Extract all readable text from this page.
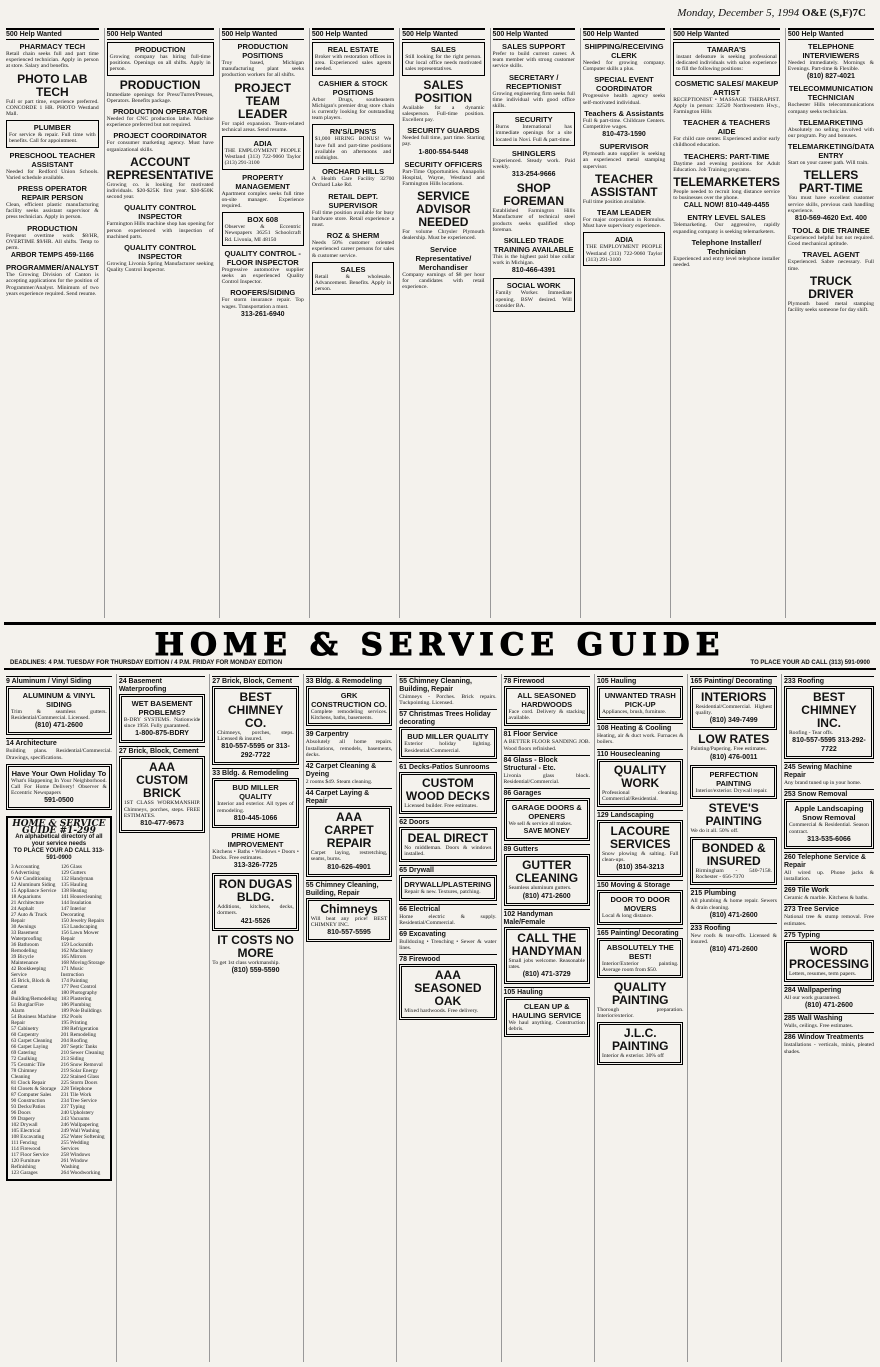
Monday, December 5, 1994 O&E (S,F)7C
500 Help Wanted
PHARMACY TECH
Retail chain seeks full and part time experienced technician. Apply in person at store. Salary and benefits.
PHOTO LAB TECH
Full or part time, experience preferred. CONCORDE 1 HR. PHOTO Westland Mall.
PLUMBER
For service & repair. Full time with benefits. Call for appointment.
PRESCHOOL TEACHER ASSISTANT
Needed for Redford Union Schools. Varied schedule available.
PRESS OPERATOR REPAIR PERSON
Clean, efficient plastic manufacturing facility seeks assistant supervisor & press technician. Apply in person.
PRODUCTION
Frequent overtime work $8/HR, OVERTIME $9/HR. All shifts. Temp to perm.
ARBOR TEMPS 459-1166
PROGRAMMER/ANALYST
The Growing Division of Canton is accepting applications for the position of Programmer/Analyst. Minimum of two years experience required. Send resume.
500 Help Wanted
PRODUCTION
Growing company has hiring full-time positions. Openings on all shifts. Apply in person.
PRODUCTION
Immediate openings for Press/Turret/Presses, Operators. Benefits package.
PRODUCTION OPERATOR
Needed for CNC production lathe. Machine experience preferred but not required.
PROJECT COORDINATOR
For consumer marketing agency. Must have organizational skills.
ACCOUNT REPRESENTATIVE
Growing co. is looking for motivated individuals. $20-$25K first year. $30-$50K second year.
QUALITY CONTROL INSPECTOR
Farmington Hills machine shop has opening for person experienced with inspection of machined parts.
QUALITY CONTROL INSPECTOR
Growing Livonia Spring Manufacturer seeking Quality Control Inspector.
500 Help Wanted
PRODUCTION POSITIONS
Troy based, Michigan manufacturing plant seeks production workers for all shifts.
PROJECT TEAM LEADER
For rapid expansion. Team-related technical areas. Send resume.
ADIA
THE EMPLOYMENT PEOPLE Westland (313) 722-9060 Taylor (313) 291-3100
PROPERTY MANAGEMENT
Apartment complex seeks full time on-site manager. Experience required.
BOX 608
Observer & Eccentric Newspapers 36251 Schoolcraft Rd. Livonia, MI 48150
QUALITY CONTROL - FLOOR INSPECTOR
Progressive automotive supplier seeks an experienced Quality Control Inspector.
ROOFERS/SIDING
For storm insurance repair. Top wages. Transportation a must.
313-261-6940
500 Help Wanted
REAL ESTATE
Broker with restoration offices in area. Experienced sales agents needed.
CASHIER & STOCK POSITIONS
Arbor Drugs, southeastern Michigan's premier drug store chain is currently looking for outstanding team players.
RN'S/LPNS'S
$1,000 HIRING BONUS! We have full and part-time positions available on afternoons and midnights.
ORCHARD HILLS
A Health Care Facility 32700 Orchard Lake Rd.
RETAIL DEPT. SUPERVISOR
Full time position available for busy hardware store. Retail experience a must.
ROZ & SHERM
Needs 50% customer oriented experienced career persons for sales & customer service.
SALES
Retail & wholesale. Advancement. Benefits. Apply in person.
500 Help Wanted
SALES
Still looking for the right person. Our local office needs motivated sales representatives.
SALES POSITION
Available for a dynamic salesperson. Full-time position. Excellent pay.
SECURITY GUARDS
Needed full time, part time. Starting pay.
1-800-554-5448
SECURITY OFFICERS
Part-Time Opportunities. Annapolis Hospital, Wayne, Westland and Farmington Hills locations.
SERVICE ADVISOR NEEDED
For volume Chrysler Plymouth dealership. Must be experienced.
Service Representative/ Merchandiser
Company earnings of $8 per hour for candidates with retail experience.
500 Help Wanted
SALES SUPPORT
Prefer to build current career. A team member with strong customer service skills.
SECRETARY / RECEPTIONIST
Growing engineering firm seeks full time individual with good office skills.
SECURITY
Burns International has immediate openings for a site located in Novi. Full & part-time.
SHINGLERS
Experienced. Steady work. Paid weekly.
313-254-9666
SHOP FOREMAN
Established Farmington Hills Manufacturer of technical steel products seeks qualified shop foreman.
SKILLED TRADE TRAINING AVAILABLE
This is the highest paid blue collar work in Michigan.
810-466-4391
SOCIAL WORK
Family Worker. Immediate opening. BSW desired. Will consider BA.
500 Help Wanted
SHIPPING/RECEIVING CLERK
Needed for growing company. Computer skills a plus.
SPECIAL EVENT COORDINATOR
Progressive health agency seeks self-motivated individual.
Teachers & Assistants
Full & part-time. Childcare Centers. Competitive wages.
810-473-1590
SUPERVISOR
Plymouth auto supplier is seeking an experienced metal stamping supervisor.
TEACHER ASSISTANT
Full time position available.
TEAM LEADER
For major corporation in Romulus. Must have supervisory experience.
ADIA
THE EMPLOYMENT PEOPLE Westland (313) 722-9060 Taylor (313) 291-3100
500 Help Wanted
TAMARA'S
instant defeature is seeking professional dedicated individuals with salon experience to fill the following positions:
COSMETIC SALES/ MAKEUP ARTIST
RECEPTIONIST • MASSAGE THERAPIST. Apply in person: 32520 Northwestern Hwy., Farmington Hills
TEACHER & TEACHERS AIDE
For child care center. Experienced and/or early childhood education.
TEACHERS: PART-TIME
Daytime and evening positions for Adult Education. Job Training programs.
TELEMARKETERS
People needed to recruit long distance service to businesses over the phone.
CALL NOW! 810-449-4455
ENTRY LEVEL SALES
Telemarketing. Our aggressive, rapidly expanding company is seeking telemarketers.
Telephone Installer/ Technician
Experienced and entry level telephone installer needed.
500 Help Wanted
TELEPHONE INTERVIEWERS
Needed immediately. Mornings & Evenings. Part-time & Flexible.
(810) 827-4021
TELECOMMUNICATION TECHNICIAN
Rochester Hills telecommunications company seeks technician.
TELEMARKETING
Absolutely no selling involved with our program. Pay and bonuses.
TELEMARKETING/DATA ENTRY
Start on your career path. Will train.
TELLERS PART-TIME
You must have excellent customer service skills, previous cash handling experience.
810-569-4620 Ext. 400
TOOL & DIE TRAINEE
Experienced helpful but not required. Good mechanical aptitude.
TRAVEL AGENT
Experienced. Sabre necessary. Full time.
TRUCK DRIVER
Plymouth based metal stamping facility seeks someone for day shift.
HOME & SERVICE GUIDE
DEADLINES: 4 P.M. TUESDAY FOR THURSDAY EDITION / 4 P.M. FRIDAY FOR MONDAY EDITION	TO PLACE YOUR AD CALL (313) 591-0900
9 Aluminum / Vinyl Siding
ALUMINUM & VINYL SIDING
Trim & seamless gutters. Residential/Commercial. Licensed.
(810) 471-2600
14 Architecture
Building plans. Residential/Commercial. Drawings, specifications.
Have Your Own Holiday To
What's Happening In Your Neighborhood. Call For Home Delivery! Observer & Eccentric Newspapers
591-0500
HOME & SERVICE GUIDE #1-299
An alphabetical directory of all your service needs
TO PLACE YOUR AD CALL 313-591-0900
3 Accounting
6 Advertising
9 Air Conditioning
12 Aluminum Siding
15 Appliance Service
18 Aquariums
21 Architecture
24 Asphalt
27 Auto & Truck Repair
30 Awnings
33 Basement Waterproofing
36 Bathroom Remodeling
39 Bicycle Maintenance
42 Bookkeeping Service
45 Brick, Block & Cement
48 Building/Remodeling
51 Burglar/Fire Alarm
54 Business Machine Repair
57 Cabinetry
60 Carpentry
63 Carpet Cleaning
66 Carpet Laying
69 Catering
72 Caulking
75 Ceramic Tile
78 Chimney Cleaning
81 Clock Repair
84 Closets & Storage
87 Computer Sales
90 Construction
93 Decks/Patios
96 Doors
99 Drapery
102 Drywall
105 Electrical
108 Excavating
111 Fencing
114 Firewood
117 Floor Service
120 Furniture Refinishing
123 Garages
126 Glass
129 Gutters
132 Handyman
135 Hauling
138 Heating
141 Housecleaning
144 Insulation
147 Interior Decorating
150 Jewelry Repairs
153 Landscaping
156 Lawn Mower Repair
159 Locksmith
162 Machinery
165 Mirrors
168 Moving/Storage
171 Music Instruction
174 Painting
177 Pest Control
180 Photography
183 Plastering
186 Plumbing
189 Pole Buildings
192 Pools
195 Printing
198 Refrigeration
201 Remodeling
204 Roofing
207 Septic Tanks
210 Sewer Cleaning
213 Siding
216 Snow Removal
219 Solar Energy
222 Stained Glass
225 Storm Doors
228 Telephone
231 Tile Work
234 Tree Service
237 Typing
240 Upholstery
243 Vacuums
246 Wallpapering
249 Wall Washing
252 Water Softening
255 Wedding Services
258 Windows
261 Window Washing
264 Woodworking
24 Basement Waterproofing
WET BASEMENT PROBLEMS?
B-DRY SYSTEMS. Nationwide since 1958. Fully guaranteed.
1-800-875-BDRY
27 Brick, Block, Cement
AAA CUSTOM BRICK
1ST CLASS WORKMANSHIP. Chimneys, porches, steps. FREE ESTIMATES.
810-477-9673
27 Brick, Block, Cement
BEST CHIMNEY CO.
Chimneys, porches, steps. Licensed & insured.
810-557-5595 or 313-292-7722
33 Bldg. & Remodeling
BUD MILLER QUALITY
Interior and exterior. All types of remodeling.
810-445-1066
PRIME HOME IMPROVEMENT
Kitchens • Baths • Windows • Doors • Decks. Free estimates.
313-326-7725
RON DUGAS BLDG.
Additions, kitchens, decks, dormers.
421-5526
IT COSTS NO MORE
To get 1st class workmanship.
(810) 559-5590
33 Bldg. & Remodeling
GRK CONSTRUCTION CO.
Complete remodeling services. Kitchens, baths, basements.
39 Carpentry
Absolutely all home repairs. Installations, remodels, basements, decks.
42 Carpet Cleaning & Dyeing
2 rooms $49. Steam cleaning.
44 Carpet Laying & Repair
AAA CARPET REPAIR
Carpet laying, restretching, seams, burns.
810-626-4901
55 Chimney Cleaning, Building, Repair
Chimneys
Will beat any price! BEST CHIMNEY INC.
810-557-5595
55 Chimney Cleaning, Building, Repair
Chimneys - Porches. Brick repairs. Tuckpointing. Licensed.
57 Christmas Trees Holiday decorating
BUD MILLER QUALITY
Exterior holiday lighting. Residential/Commercial.
61 Decks-Patios Sunrooms
CUSTOM WOOD DECKS
Licensed builder. Free estimates.
62 Doors
DEAL DIRECT
No middleman. Doors & windows installed.
65 Drywall
DRYWALL/PLASTERING
Repair & new. Textures, patching.
66 Electrical
Home electric & supply. Residential/Commercial.
69 Excavating
Bulldozing • Trenching • Sewer & water lines.
78 Firewood
AAA SEASONED OAK
Mixed hardwoods. Free delivery.
78 Firewood
ALL SEASONED HARDWOODS
Face cord. Delivery & stacking available.
81 Floor Service
A BETTER FLOOR SANDING JOB. Wood floors refinished.
84 Glass - Block Structural - Etc.
Livonia glass block. Residential/Commercial.
86 Garages
GARAGE DOORS & OPENERS
We sell & service all makes.
SAVE MONEY
89 Gutters
GUTTER CLEANING
Seamless aluminum gutters.
(810) 471-2600
102 Handyman Male/Female
CALL THE HANDYMAN
Small jobs welcome. Reasonable rates.
(810) 471-3729
105 Hauling
CLEAN UP & HAULING SERVICE
We haul anything. Construction debris.
105 Hauling
UNWANTED TRASH PICK-UP
Appliances, brush, furniture.
108 Heating & Cooling
Heating, air & duct work. Furnaces & boilers.
110 Housecleaning
QUALITY WORK
Professional cleaning. Commercial/Residential.
129 Landscaping
LACOURE SERVICES
Snow plowing & salting. Fall clean-ups.
(810) 354-3213
150 Moving & Storage
DOOR TO DOOR MOVERS
Local & long distance.
165 Painting/ Decorating
ABSOLUTELY THE BEST!
Interior/Exterior painting. Average room from $50.
QUALITY PAINTING
Thorough preparation. Interior/exterior.
J.L.C. PAINTING
Interior & exterior. 30% off
165 Painting/ Decorating
INTERIORS
Residential/Commercial. Highest quality.
(810) 349-7499
LOW RATES
Painting/Papering. Free estimates.
(810) 476-0011
PERFECTION PAINTING
Interior/exterior. Drywall repair.
STEVE'S PAINTING
We do it all. 50% off.
BONDED & INSURED
Birmingham - 540-7158. Rochester - 656-7370
215 Plumbing
All plumbing & home repair. Sewers & drain cleaning.
(810) 471-2600
233 Roofing
New roofs & tear-offs. Licensed & insured.
(810) 471-2600
233 Roofing
BEST CHIMNEY INC.
Roofing - Tear offs.
810-557-5595 313-292-7722
245 Sewing Machine Repair
Any brand tuned up in your home.
253 Snow Removal
Apple Landscaping Snow Removal
Commercial & Residential. Season contract.
313-535-6066
260 Telephone Service & Repair
All wired up. Phone jacks & installation.
269 Tile Work
Ceramic & marble. Kitchens & baths.
273 Tree Service
National tree & stump removal. Free estimates.
275 Typing
WORD PROCESSING
Letters, resumes, term papers.
284 Wallpapering
All our work guaranteed.
(810) 471-2600
285 Wall Washing
Walls, ceilings. Free estimates.
286 Window Treatments
Installations - verticals, minis, pleated shades.
